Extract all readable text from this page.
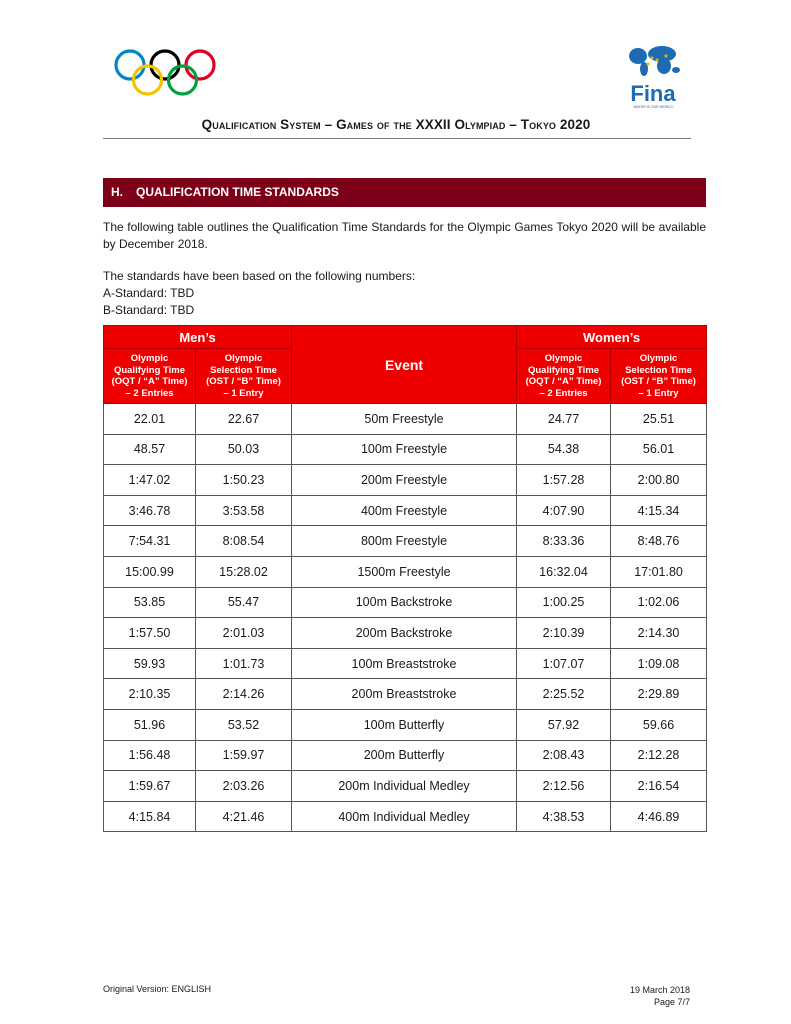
Fina
WATER IS OUR WORLD
Qualification System – Games of the XXXII Olympiad – Tokyo 2020
H. QUALIFICATION TIME STANDARDS
The following table outlines the Qualification Time Standards for the Olympic Games Tokyo 2020 will be available by December 2018.
The standards have been based on the following numbers:
A-Standard: TBD
B-Standard: TBD
Men’s		Event	Women’s	

Olympic
Qualifying Time
(OQT / “A” Time)
– 2 Entries

Olympic
Selection Time
(OST / “B” Time)
– 1 Entry

Olympic
Qualifying Time
(OQT / “A” Time)
– 2 Entries

Olympic
Selection Time
(OST / “B” Time)
– 1 Entry

22.01	22.67	50m Freestyle	24.77	25.51
48.57	50.03	100m Freestyle	54.38	56.01
1:47.02	1:50.23	200m Freestyle	1:57.28	2:00.80
3:46.78	3:53.58	400m Freestyle	4:07.90	4:15.34
7:54.31	8:08.54	800m Freestyle	8:33.36	8:48.76
15:00.99	15:28.02	1500m Freestyle	16:32.04	17:01.80
53.85	55.47	100m Backstroke	1:00.25	1:02.06
1:57.50	2:01.03	200m Backstroke	2:10.39	2:14.30
59.93	1:01.73	100m Breaststroke	1:07.07	1:09.08
2:10.35	2:14.26	200m Breaststroke	2:25.52	2:29.89
51.96	53.52	100m Butterfly	57.92	59.66
1:56.48	1:59.97	200m Butterfly	2:08.43	2:12.28
1:59.67	2:03.26	200m Individual Medley	2:12.56	2:16.54
4:15.84	4:21.46	400m Individual Medley	4:38.53	4:46.89
Original Version: ENGLISH	19 March 2018
Page 7/7
